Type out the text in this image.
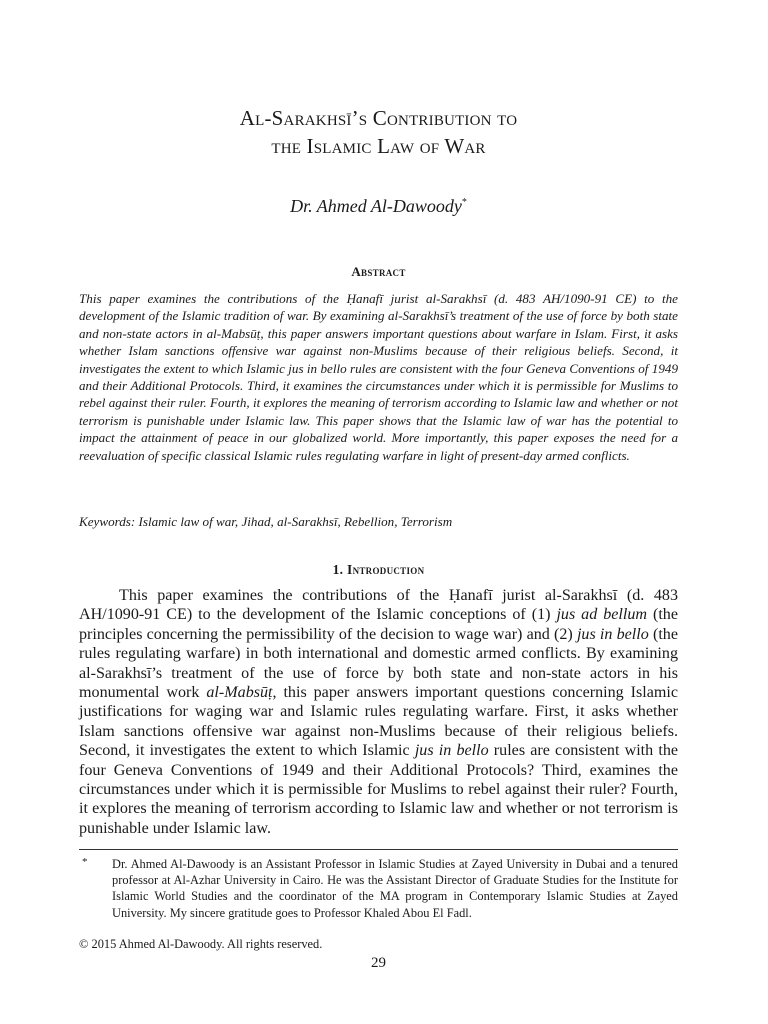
Al-Sarakhsī’s Contribution to
the Islamic Law of War
Dr. Ahmed Al-Dawoody*
Abstract
This paper examines the contributions of the Ḥanafī jurist al-Sarakhsī (d. 483 AH/1090-91 CE) to the development of the Islamic tradition of war. By examining al-Sarakhsī’s treatment of the use of force by both state and non-state actors in al-Mabsūṭ, this paper answers important questions about warfare in Islam. First, it asks whether Islam sanctions offensive war against non-Muslims because of their religious beliefs. Second, it investigates the extent to which Islamic jus in bello rules are consistent with the four Geneva Conventions of 1949 and their Additional Protocols. Third, it examines the circumstances under which it is permissible for Muslims to rebel against their ruler. Fourth, it explores the meaning of terrorism according to Islamic law and whether or not terrorism is punishable under Islamic law. This paper shows that the Islamic law of war has the potential to impact the attainment of peace in our globalized world. More importantly, this paper exposes the need for a reevaluation of specific classical Islamic rules regulating warfare in light of present-day armed conflicts.
Keywords: Islamic law of war, Jihad, al-Sarakhsī, Rebellion, Terrorism
1. Introduction
This paper examines the contributions of the Ḥanafī jurist al-Sarakhsī (d. 483 AH/1090-91 CE) to the development of the Islamic conceptions of (1) jus ad bellum (the principles concerning the permissibility of the decision to wage war) and (2) jus in bello (the rules regulating warfare) in both international and domestic armed conflicts. By examining al-Sarakhsī’s treatment of the use of force by both state and non-state actors in his monumental work al-Mabsūṭ, this paper answers important questions concerning Islamic justifications for waging war and Islamic rules regulating warfare. First, it asks whether Islam sanctions offensive war against non-Muslims because of their religious beliefs. Second, it investigates the extent to which Islamic jus in bello rules are consistent with the four Geneva Conventions of 1949 and their Additional Protocols? Third, examines the circumstances under which it is permissible for Muslims to rebel against their ruler? Fourth, it explores the meaning of terrorism according to Islamic law and whether or not terrorism is punishable under Islamic law.
* Dr. Ahmed Al-Dawoody is an Assistant Professor in Islamic Studies at Zayed University in Dubai and a tenured professor at Al-Azhar University in Cairo. He was the Assistant Director of Graduate Studies for the Institute for Islamic World Studies and the coordinator of the MA program in Contemporary Islamic Studies at Zayed University. My sincere gratitude goes to Professor Khaled Abou El Fadl.
© 2015 Ahmed Al-Dawoody. All rights reserved.
29
